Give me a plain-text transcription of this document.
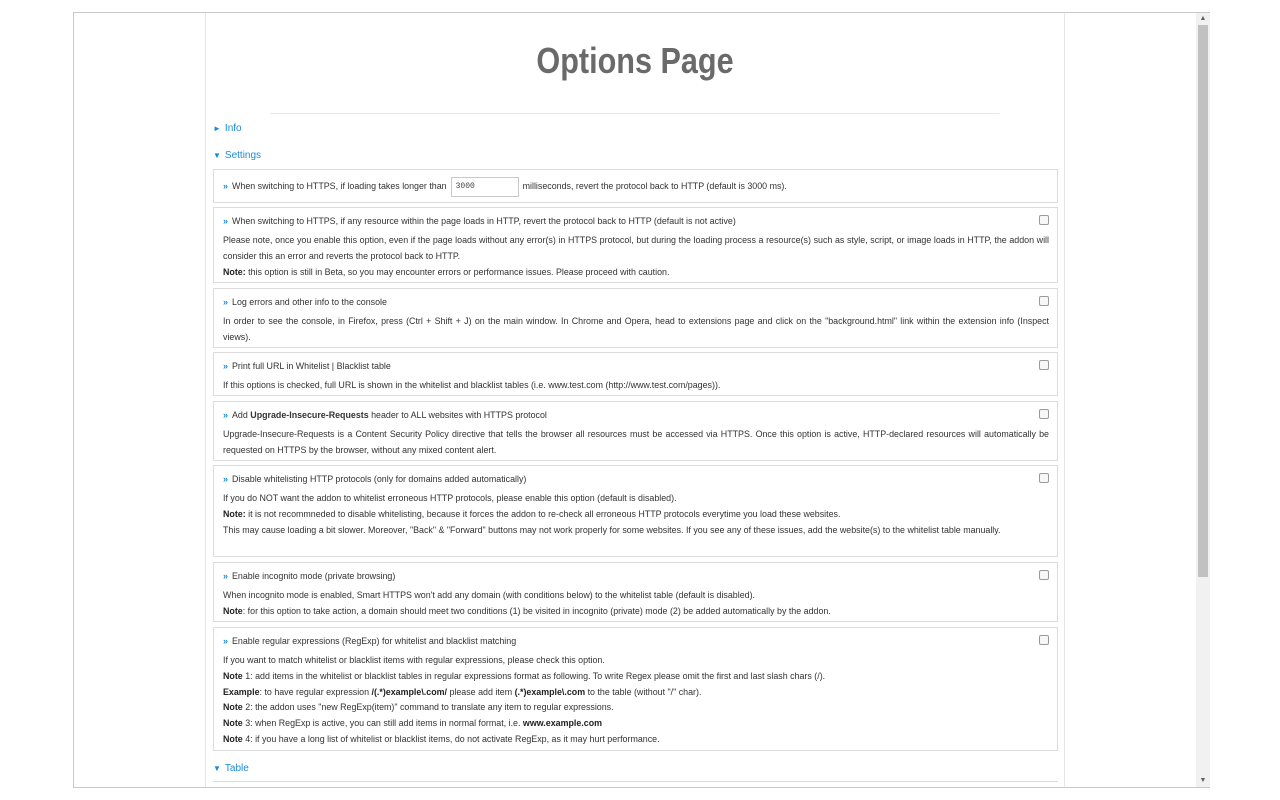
Options Page
► Info
▼ Settings
» When switching to HTTPS, if loading takes longer than 3000	milliseconds, revert the protocol back to HTTP (default is 3000 ms).
» When switching to HTTPS, if any resource within the page loads in HTTP, revert the protocol back to HTTP (default is not active)

Please note, once you enable this option, even if the page loads without any error(s) in HTTPS protocol, but during the loading process a resource(s) such as style, script, or image loads in HTTP, the addon will consider this an error and reverts the protocol back to HTTP.

Note: this option is still in Beta, so you may encounter errors or performance issues. Please proceed with caution.

» Log errors and other info to the console

In order to see the console, in Firefox, press (Ctrl + Shift + J) on the main window. In Chrome and Opera, head to extensions page and click on the "background.html" link within the extension info (Inspect views).

» Print full URL in Whitelist | Blacklist table

If this options is checked, full URL is shown in the whitelist and blacklist tables (i.e. www.test.com (http://www.test.com/pages)).

» Add Upgrade-Insecure-Requests header to ALL websites with HTTPS protocol

Upgrade-Insecure-Requests is a Content Security Policy directive that tells the browser all resources must be accessed via HTTPS. Once this option is active, HTTP-declared resources will automatically be requested on HTTPS by the browser, without any mixed content alert.

» Disable whitelisting HTTP protocols (only for domains added automatically)

If you do NOT want the addon to whitelist erroneous HTTP protocols, please enable this option (default is disabled).

Note: it is not recommneded to disable whitelisting, because it forces the addon to re-check all erroneous HTTP protocols everytime you load these websites.

This may cause loading a bit slower. Moreover, "Back" & "Forward" buttons may not work properly for some websites. If you see any of these issues, add the website(s) to the whitelist table manually.

» Enable incognito mode (private browsing)

When incognito mode is enabled, Smart HTTPS won't add any domain (with conditions below) to the whitelist table (default is disabled).

Note: for this option to take action, a domain should meet two conditions (1) be visited in incognito (private) mode (2) be added automatically by the addon.

» Enable regular expressions (RegExp) for whitelist and blacklist matching

If you want to match whitelist or blacklist items with regular expressions, please check this option.

Note 1: add items in the whitelist or blacklist tables in regular expressions format as following. To write Regex please omit the first and last slash chars (/).

Example: to have regular expression /(.*)example\.com/ please add item (.*)example\.com to the table (without "/" char).

Note 2: the addon uses "new RegExp(item)" command to translate any item to regular expressions.

Note 3: when RegExp is active, you can still add items in normal format, i.e. www.example.com

Note 4: if you have a long list of whitelist or blacklist items, do not activate RegExp, as it may hurt performance.

▼ Table
▲
▼
